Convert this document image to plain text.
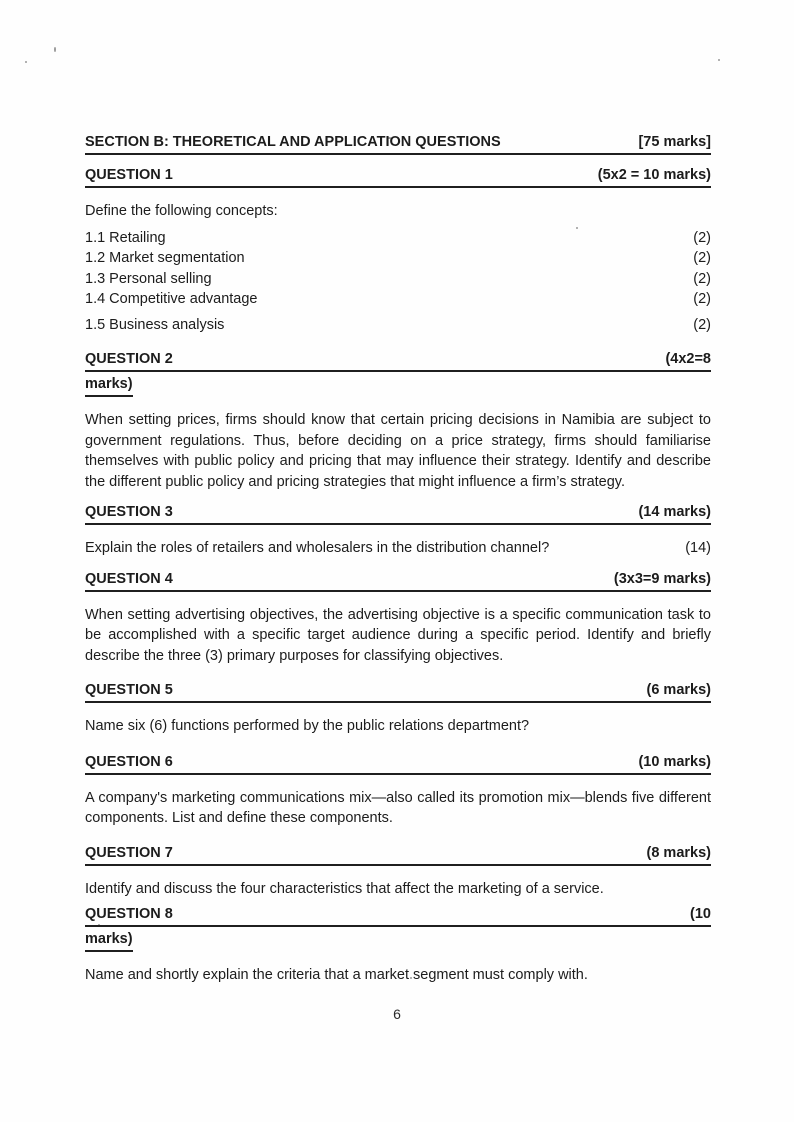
SECTION B: THEORETICAL AND APPLICATION QUESTIONS	[75 marks]
QUESTION 1	(5x2 = 10 marks)

Define the following concepts:

1.1 Retailing	(2)
1.2 Market segmentation	(2)
1.3 Personal selling	(2)
1.4 Competitive advantage	(2)
1.5 Business analysis	(2)
QUESTION 2	(4x2=8
marks)

When setting prices, firms should know that certain pricing decisions in Namibia are subject to government regulations. Thus, before deciding on a price strategy, firms should familiarise themselves with public policy and pricing that may influence their strategy. Identify and describe the different public policy and pricing strategies that might influence a firm’s strategy.

QUESTION 3	(14 marks)
Explain the roles of retailers and wholesalers in the distribution channel?	(14)
QUESTION 4	(3x3=9 marks)

When setting advertising objectives, the advertising objective is a specific communication task to be accomplished with a specific target audience during a specific period. Identify and briefly describe the three (3) primary purposes for classifying objectives.

QUESTION 5	(6 marks)

Name six (6) functions performed by the public relations department?

QUESTION 6	(10 marks)

A company's marketing communications mix—also called its promotion mix—blends five different components. List and define these components.

QUESTION 7	(8 marks)

Identify and discuss the four characteristics that affect the marketing of a service.

QUESTION 8	(10
marks)

Name and shortly explain the criteria that a market segment must comply with.

6
